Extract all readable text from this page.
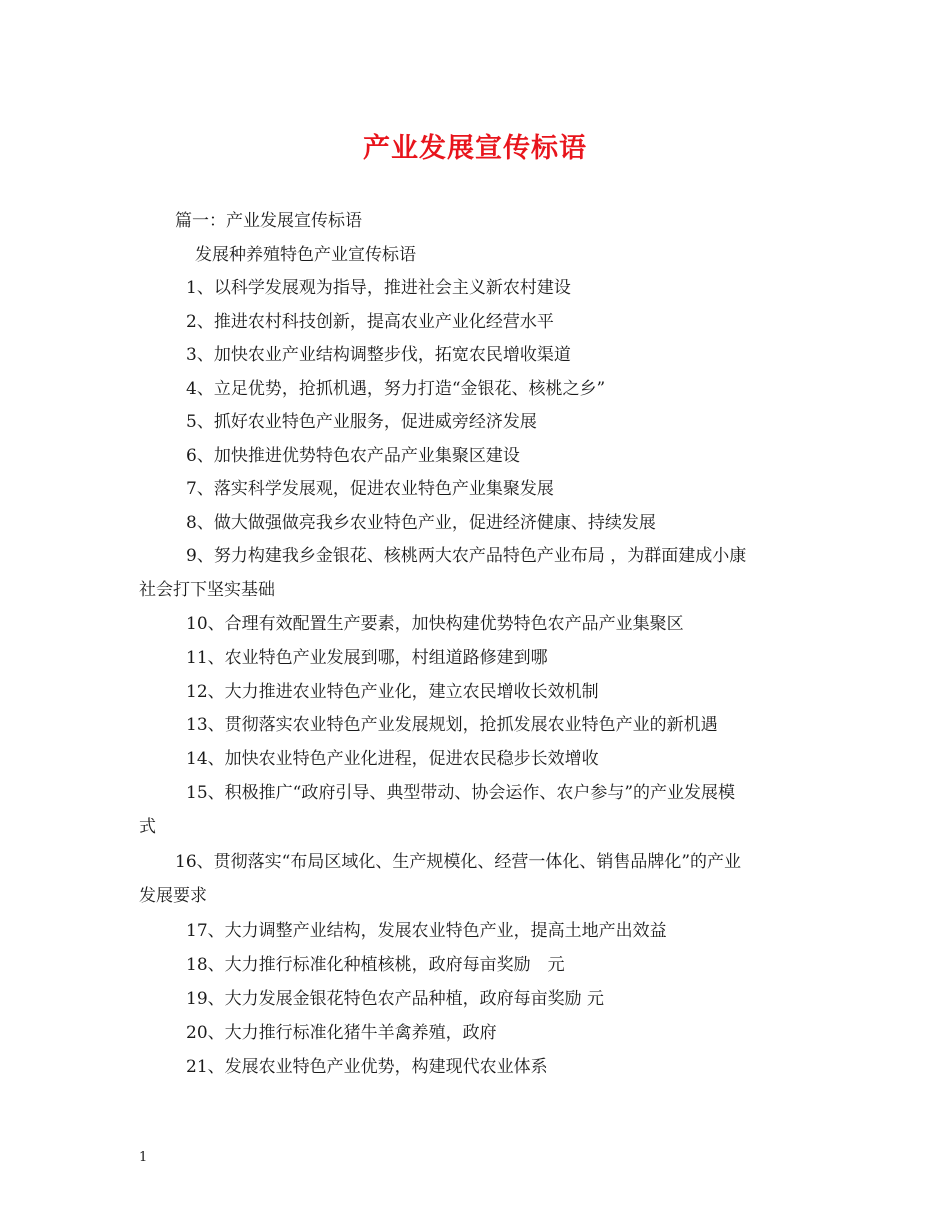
产业发展宣传标语
篇一：产业发展宣传标语
发展种养殖特色产业宣传标语
1、以科学发展观为指导，推进社会主义新农村建设
2、推进农村科技创新，提高农业产业化经营水平
3、加快农业产业结构调整步伐，拓宽农民增收渠道
4、立足优势，抢抓机遇，努力打造“金银花、核桃之乡”
5、抓好农业特色产业服务，促进威旁经济发展
6、加快推进优势特色农产品产业集聚区建设
7、落实科学发展观，促进农业特色产业集聚发展
8、做大做强做亮我乡农业特色产业，促进经济健康、持续发展
9、努力构建我乡金银花、核桃两大农产品特色产业布局 ，为群面建成小康
社会打下坚实基础
10、合理有效配置生产要素，加快构建优势特色农产品产业集聚区
11、农业特色产业发展到哪，村组道路修建到哪
12、大力推进农业特色产业化，建立农民增收长效机制
13、贯彻落实农业特色产业发展规划，抢抓发展农业特色产业的新机遇
14、加快农业特色产业化进程，促进农民稳步长效增收
15、积极推广“政府引导、典型带动、协会运作、农户参与”的产业发展模
式
16、贯彻落实“布局区域化、生产规模化、经营一体化、销售品牌化”的产业
发展要求
17、大力调整产业结构，发展农业特色产业，提高土地产出效益
18、大力推行标准化种植核桃，政府每亩奖励　元
19、大力发展金银花特色农产品种植，政府每亩奖励 元
20、大力推行标准化猪牛羊禽养殖，政府
21、发展农业特色产业优势，构建现代农业体系
1
